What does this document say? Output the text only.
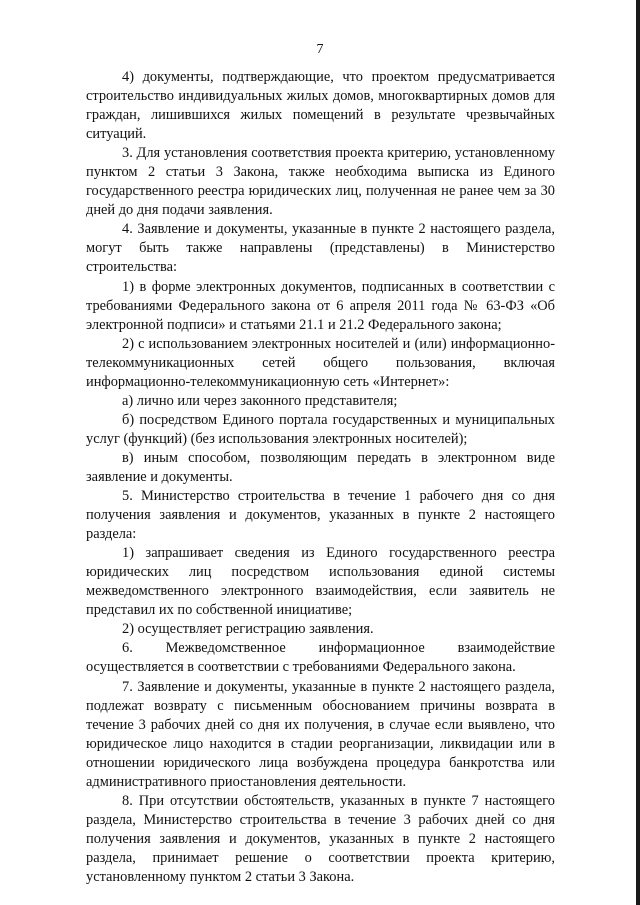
7

4) документы, подтверждающие, что проектом предусматривается строительство индивидуальных жилых домов, многоквартирных домов для граждан, лишившихся жилых помещений в результате чрезвычайных ситуаций.

3. Для установления соответствия проекта критерию, установленному пунктом 2 статьи 3 Закона, также необходима выписка из Единого государственного реестра юридических лиц, полученная не ранее чем за 30 дней до дня подачи заявления.

4. Заявление и документы, указанные в пункте 2 настоящего раздела, могут быть также направлены (представлены) в Министерство строительства:

1) в форме электронных документов, подписанных в соответствии с требованиями Федерального закона от 6 апреля 2011 года № 63-ФЗ «Об электронной подписи» и статьями 21.1 и 21.2 Федерального закона;

2) с использованием электронных носителей и (или) информационно-телекоммуникационных сетей общего пользования, включая информационно-телекоммуникационную сеть «Интернет»:

а) лично или через законного представителя;

б) посредством Единого портала государственных и муниципальных услуг (функций) (без использования электронных носителей);

в) иным способом, позволяющим передать в электронном виде заявление и документы.

5. Министерство строительства в течение 1 рабочего дня со дня получения заявления и документов, указанных в пункте 2 настоящего раздела:

1) запрашивает сведения из Единого государственного реестра юридических лиц посредством использования единой системы межведомственного электронного взаимодействия, если заявитель не представил их по собственной инициативе;

2) осуществляет регистрацию заявления.

6. Межведомственное информационное взаимодействие осуществляется в соответствии с требованиями Федерального закона.

7. Заявление и документы, указанные в пункте 2 настоящего раздела, подлежат возврату с письменным обоснованием причины возврата в течение 3 рабочих дней со дня их получения, в случае если выявлено, что юридическое лицо находится в стадии реорганизации, ликвидации или в отношении юридического лица возбуждена процедура банкротства или административного приостановления деятельности.

8. При отсутствии обстоятельств, указанных в пункте 7 настоящего раздела, Министерство строительства в течение 3 рабочих дней со дня получения заявления и документов, указанных в пункте 2 настоящего раздела, принимает решение о соответствии проекта критерию, установленному пунктом 2 статьи 3 Закона.
